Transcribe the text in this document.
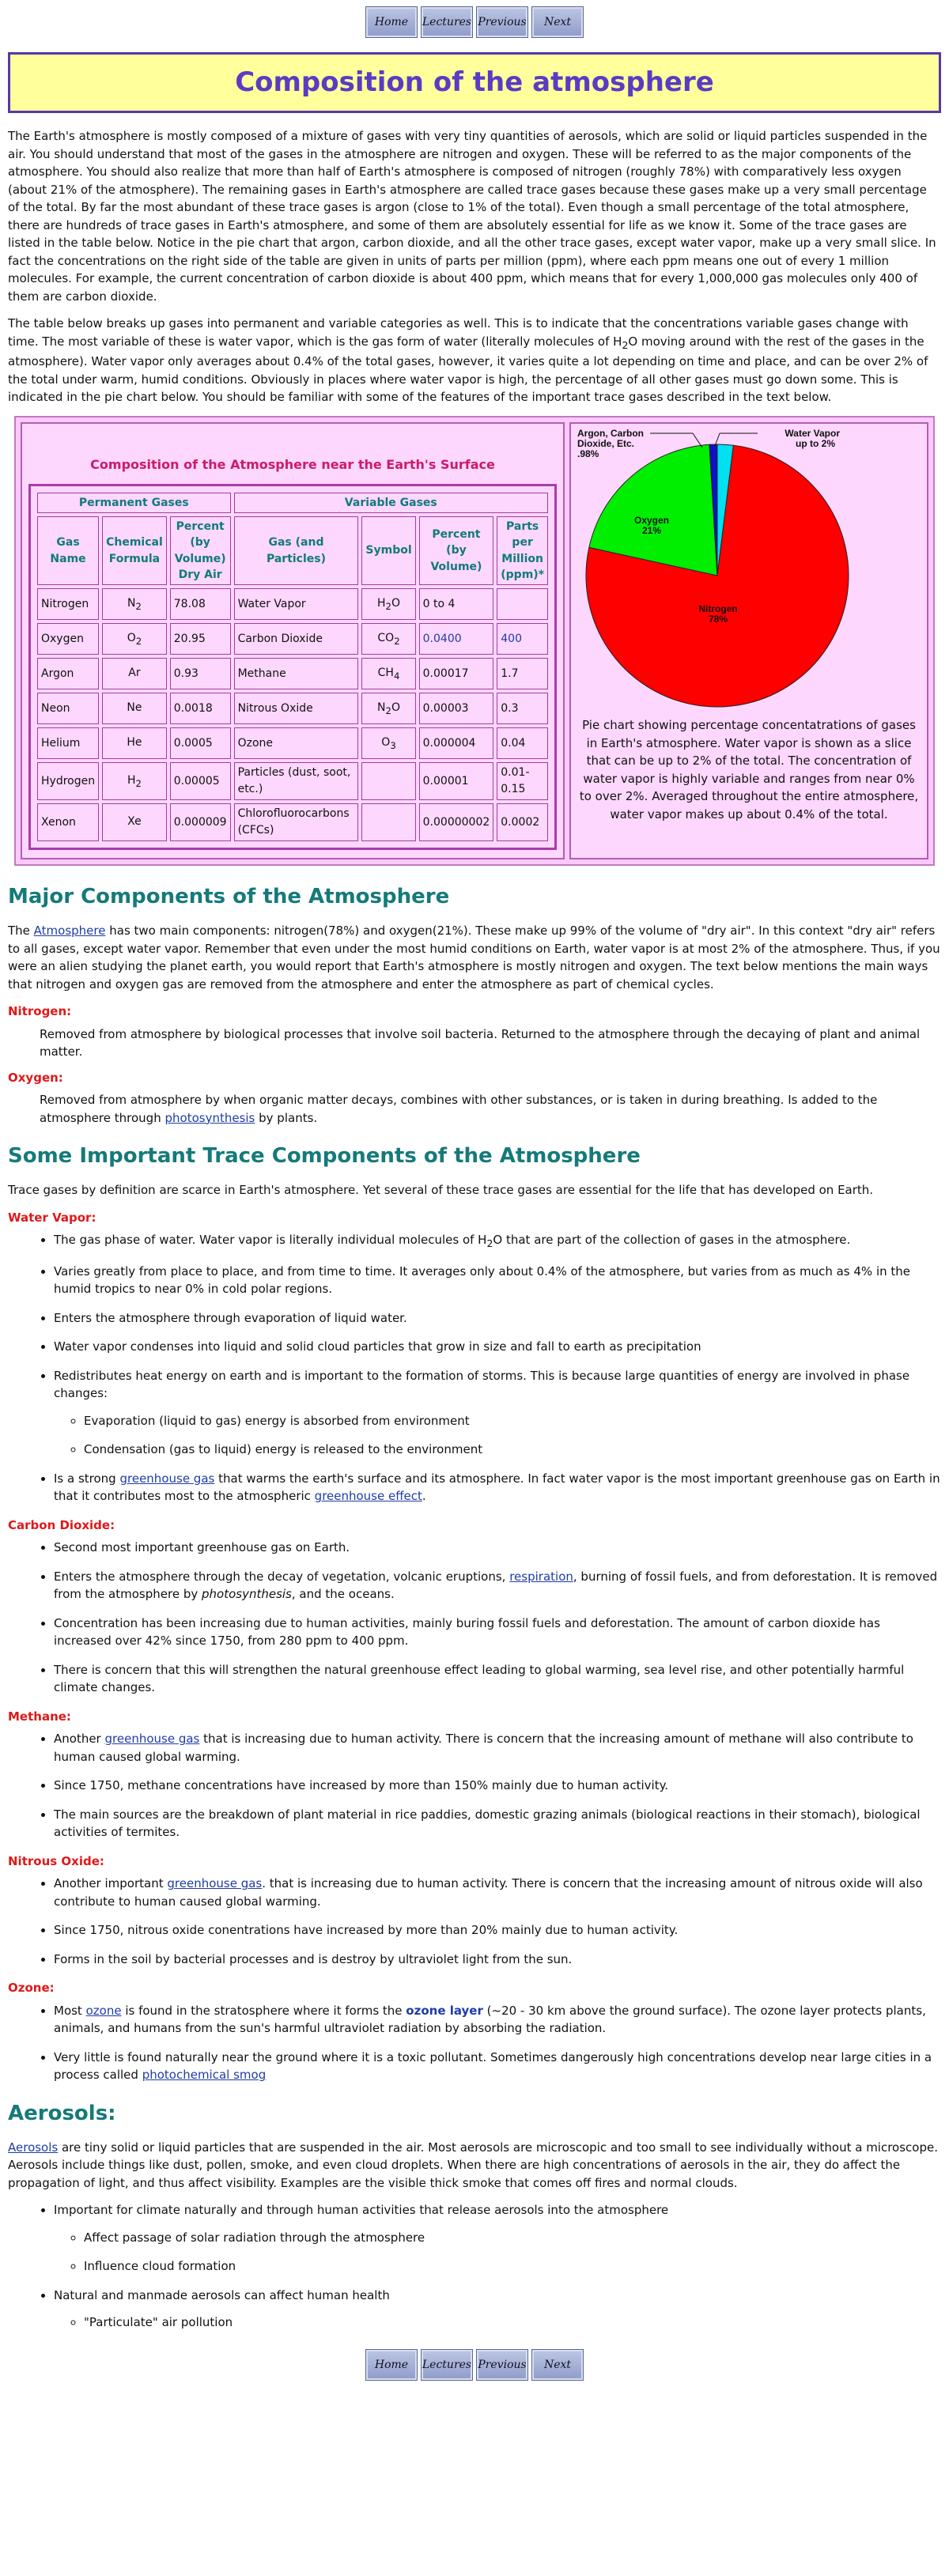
Home Lectures Previous Next
Composition of the atmosphere

The Earth's atmosphere is mostly composed of a mixture of gases with very tiny quantities of aerosols, which are solid or liquid particles suspended in the air. You should understand that most of the gases in the atmosphere are nitrogen and oxygen. These will be referred to as the major components of the atmosphere. You should also realize that more than half of Earth's atmosphere is composed of nitrogen (roughly 78%) with comparatively less oxygen (about 21% of the atmosphere). The remaining gases in Earth's atmosphere are called trace gases because these gases make up a very small percentage of the total. By far the most abundant of these trace gases is argon (close to 1% of the total). Even though a small percentage of the total atmosphere, there are hundreds of trace gases in Earth's atmosphere, and some of them are absolutely essential for life as we know it. Some of the trace gases are listed in the table below. Notice in the pie chart that argon, carbon dioxide, and all the other trace gases, except water vapor, make up a very small slice. In fact the concentrations on the right side of the table are given in units of parts per million (ppm), where each ppm means one out of every 1 million molecules. For example, the current concentration of carbon dioxide is about 400 ppm, which means that for every 1,000,000 gas molecules only 400 of them are carbon dioxide.

The table below breaks up gases into permanent and variable categories as well. This is to indicate that the concentrations variable gases change with time. The most variable of these is water vapor, which is the gas form of water (literally molecules of $H_2O$ moving around with the rest of the gases in the atmosphere). Water vapor only averages about 0.4% of the total gases, however, it varies quite a lot depending on time and place, and can be over 2% of the total under warm, humid conditions. Obviously in places where water vapor is high, the percentage of all other gases must go down some. This is indicated in the pie chart below. You should be familiar with some of the features of the important trace gases described in the text below.

Composition of the Atmosphere near the Earth's Surface
Permanent Gases			Variable Gases			
Gas Name	Chemical Formula	Percent (by Volume) Dry Air	Gas (and Particles)	Symbol	Percent (by Volume)	Parts per Million (ppm)*
Nitrogen	$N_2$	78.08	Water Vapor	$H_2O$	0 to 4	
Oxygen	$O_2$	20.95	Carbon Dioxide	$CO_2$	0.0400	400
Argon	Ar	0.93	Methane	$CH_4$	0.00017	1.7
Neon	Ne	0.0018	Nitrous Oxide	$N_2O$	0.00003	0.3
Helium	He	0.0005	Ozone	$O_3$	0.000004	0.04
Hydrogen	$H_2$	0.00005	Particles (dust, soot, etc.)		0.00001	0.01-0.15
Xenon	Xe	0.000009	Chlorofluorocarbons (CFCs)		0.00000002	0.0002
Argon, Carbon
Dioxide, Etc.
.98%
Water Vapor
up to 2%
Oxygen
21%
Nitrogen
78%
Pie chart showing percentage concentatrations of gases in Earth's atmosphere. Water vapor is shown as a slice that can be up to 2% of the total. The concentration of water vapor is highly variable and ranges from near 0% to over 2%. Averaged throughout the entire atmosphere, water vapor makes up about 0.4% of the total.
Major Components of the Atmosphere

The Atmosphere has two main components: nitrogen(78%) and oxygen(21%). These make up 99% of the volume of "dry air". In this context "dry air" refers to all gases, except water vapor. Remember that even under the most humid conditions on Earth, water vapor is at most 2% of the atmosphere. Thus, if you were an alien studying the planet earth, you would report that Earth's atmosphere is mostly nitrogen and oxygen. The text below mentions the main ways that nitrogen and oxygen gas are removed from the atmosphere and enter the atmosphere as part of chemical cycles.

Nitrogen:
Removed from atmosphere by biological processes that involve soil bacteria. Returned to the atmosphere through the decaying of plant and animal matter.
Oxygen:
Removed from atmosphere by when organic matter decays, combines with other substances, or is taken in during breathing. Is added to the atmosphere through photosynthesis by plants.
Some Important Trace Components of the Atmosphere

Trace gases by definition are scarce in Earth's atmosphere. Yet several of these trace gases are essential for the life that has developed on Earth.

Water Vapor:
• The gas phase of water. Water vapor is literally individual molecules of $H_2O$ that are part of the collection of gases in the atmosphere.
• Varies greatly from place to place, and from time to time. It averages only about 0.4% of the atmosphere, but varies from as much as 4% in the humid tropics to near 0% in cold polar regions.
• Enters the atmosphere through evaporation of liquid water.
• Water vapor condenses into liquid and solid cloud particles that grow in size and fall to earth as precipitation
• Redistributes heat energy on earth and is important to the formation of storms. This is because large quantities of energy are involved in phase changes:
◦ Evaporation (liquid to gas) energy is absorbed from environment
◦ Condensation (gas to liquid) energy is released to the environment
• Is a strong greenhouse gas that warms the earth's surface and its atmosphere. In fact water vapor is the most important greenhouse gas on Earth in that it contributes most to the atmospheric greenhouse effect.
Carbon Dioxide:
• Second most important greenhouse gas on Earth.
• Enters the atmosphere through the decay of vegetation, volcanic eruptions, respiration, burning of fossil fuels, and from deforestation. It is removed from the atmosphere by photosynthesis, and the oceans.
• Concentration has been increasing due to human activities, mainly buring fossil fuels and deforestation. The amount of carbon dioxide has increased over 42% since 1750, from 280 ppm to 400 ppm.
• There is concern that this will strengthen the natural greenhouse effect leading to global warming, sea level rise, and other potentially harmful climate changes.
Methane:
• Another greenhouse gas that is increasing due to human activity. There is concern that the increasing amount of methane will also contribute to human caused global warming.
• Since 1750, methane concentrations have increased by more than 150% mainly due to human activity.
• The main sources are the breakdown of plant material in rice paddies, domestic grazing animals (biological reactions in their stomach), biological activities of termites.
Nitrous Oxide:
• Another important greenhouse gas. that is increasing due to human activity. There is concern that the increasing amount of nitrous oxide will also contribute to human caused global warming.
• Since 1750, nitrous oxide conentrations have increased by more than 20% mainly due to human activity.
• Forms in the soil by bacterial processes and is destroy by ultraviolet light from the sun.
Ozone:
• Most ozone is found in the stratosphere where it forms the ozone layer (~20 - 30 km above the ground surface). The ozone layer protects plants, animals, and humans from the sun's harmful ultraviolet radiation by absorbing the radiation.
• Very little is found naturally near the ground where it is a toxic pollutant. Sometimes dangerously high concentrations develop near large cities in a process called photochemical smog
Aerosols:

Aerosols are tiny solid or liquid particles that are suspended in the air. Most aerosols are microscopic and too small to see individually without a microscope. Aerosols include things like dust, pollen, smoke, and even cloud droplets. When there are high concentrations of aerosols in the air, they do affect the propagation of light, and thus affect visibility. Examples are the visible thick smoke that comes off fires and normal clouds.

• Important for climate naturally and through human activities that release aerosols into the atmosphere
◦ Affect passage of solar radiation through the atmosphere
◦ Influence cloud formation
• Natural and manmade aerosols can affect human health
◦ "Particulate" air pollution
Home Lectures Previous Next
